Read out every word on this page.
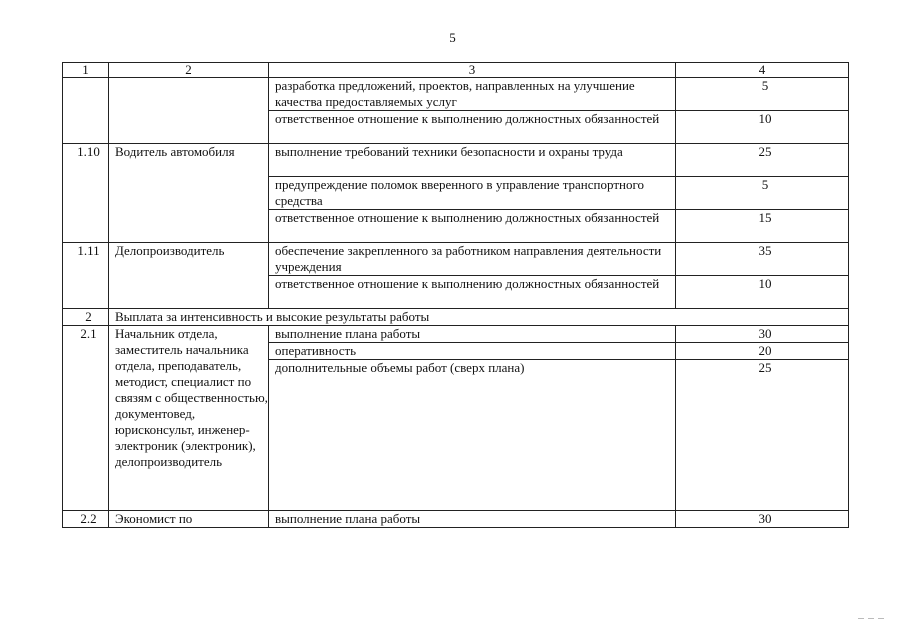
5
1	2	3	4
		разработка предложений, проектов, направленных на улучшение качества предоставляемых услуг	5
		ответственное отношение к выполнению должностных обязанностей	10
1.10	Водитель автомобиля	выполнение требований техники безопасности и охраны труда	25
		предупреждение поломок вверенного в управление транспортного средства	5
		ответственное отношение к выполнению должностных обязанностей	15
1.11	Делопроизводитель	обеспечение закрепленного за работником направления деятельности учреждения	35
		ответственное отношение к выполнению должностных обязанностей	10
2	Выплата за интенсивность и высокие результаты работы		
2.1	Начальник отдела, заместитель начальника отдела, преподаватель, методист, специалист по связям с общественностью, документовед, юрисконсульт, инженер-электроник (электроник), делопроизводитель	выполнение плана работы	30
		оперативность	20
		дополнительные объемы работ (сверх плана)	25
2.2	Экономист по	выполнение плана работы	30
